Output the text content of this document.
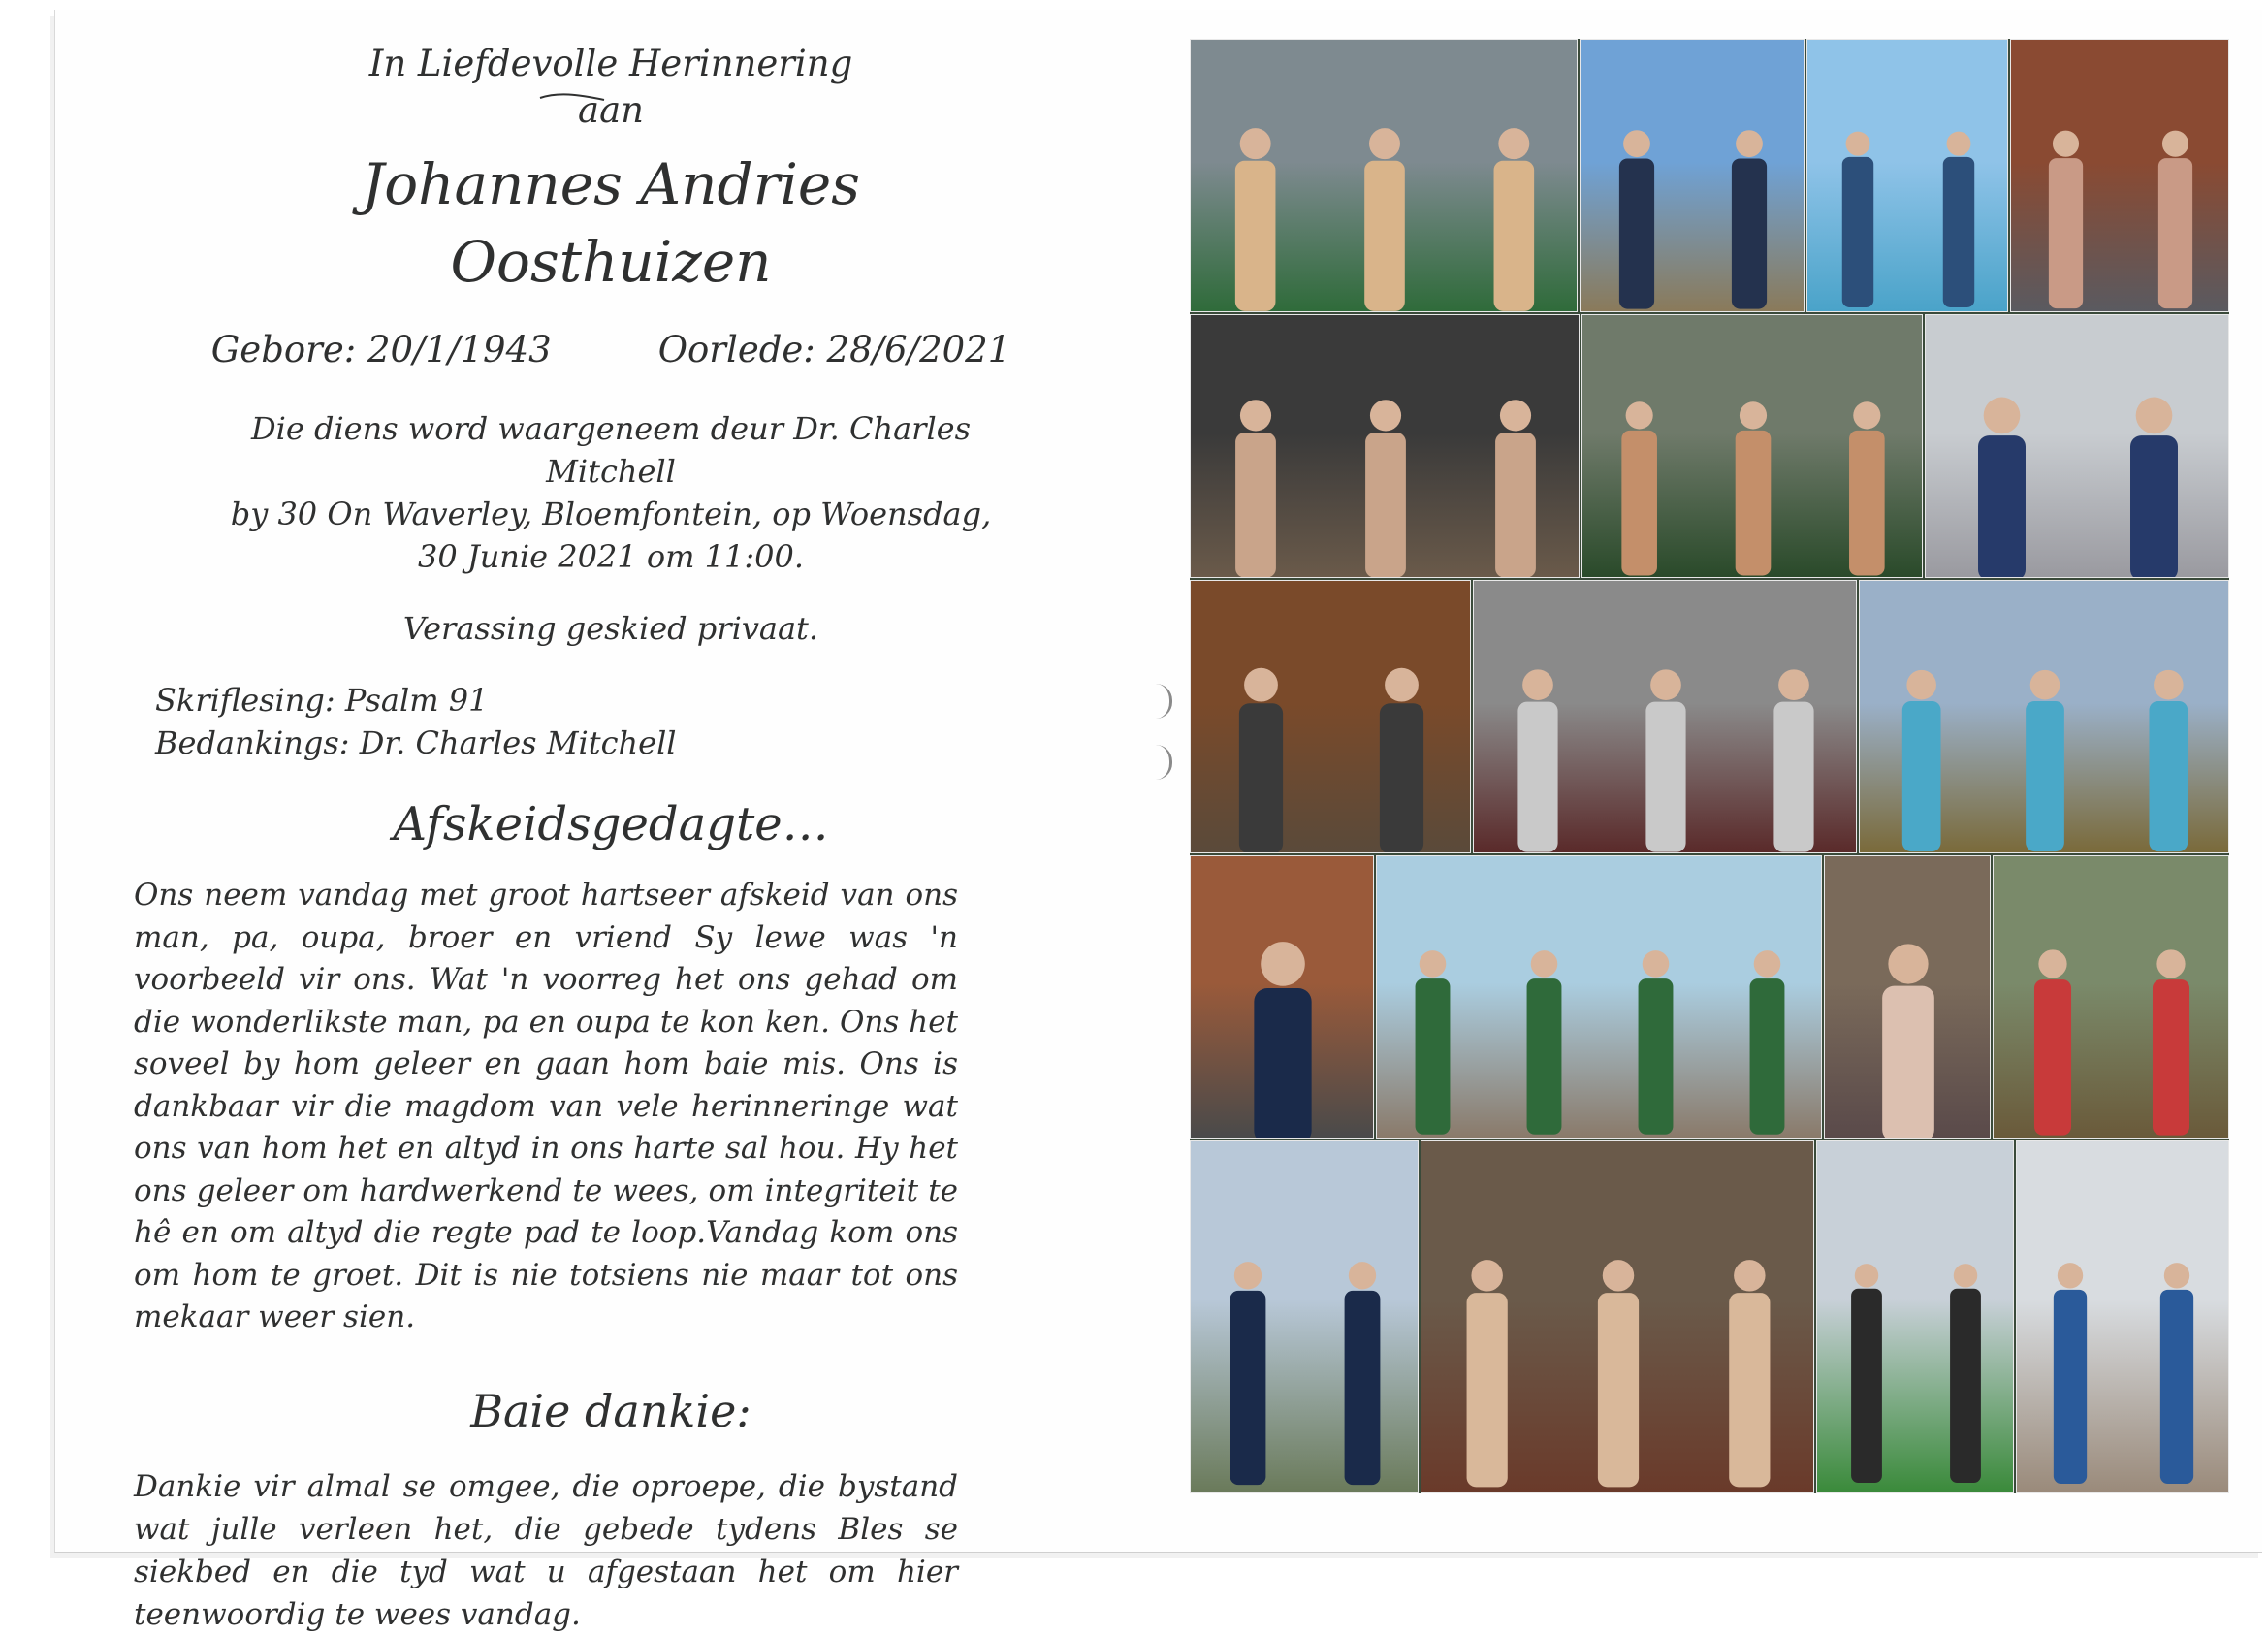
In Liefdevolle Herinnering

aan

Johannes Andries Oosthuizen
Gebore: 20/1/1943	Oorlede: 28/6/2021
Die diens word waargeneem deur Dr. Charles Mitchell
by 30 On Waverley, Bloemfontein, op Woensdag,
30 Junie 2021 om 11:00.
Verassing geskied privaat.
Skriflesing: Psalm 91
Bedankings: Dr. Charles Mitchell
Afskeidsgedagte…

Ons neem vandag met groot hartseer afskeid van ons man, pa, oupa, broer en vriend Sy lewe was 'n voorbeeld vir ons. Wat 'n voorreg het ons gehad om die wonderlikste man, pa en oupa te kon ken. Ons het soveel by hom geleer en gaan hom baie mis. Ons is dankbaar vir die magdom van vele herinneringe wat ons van hom het en altyd in ons harte sal hou. Hy het ons geleer om hardwerkend te wees, om integriteit te hê en om altyd die regte pad te loop.Vandag kom ons om hom te groet. Dit is nie totsiens nie maar tot ons mekaar weer sien.

Baie dankie:

Dankie vir almal se omgee, die oproepe, die bystand wat julle verleen het, die gebede tydens Bles se siekbed en die tyd wat u afgestaan het om hier teenwoordig te wees vandag.
